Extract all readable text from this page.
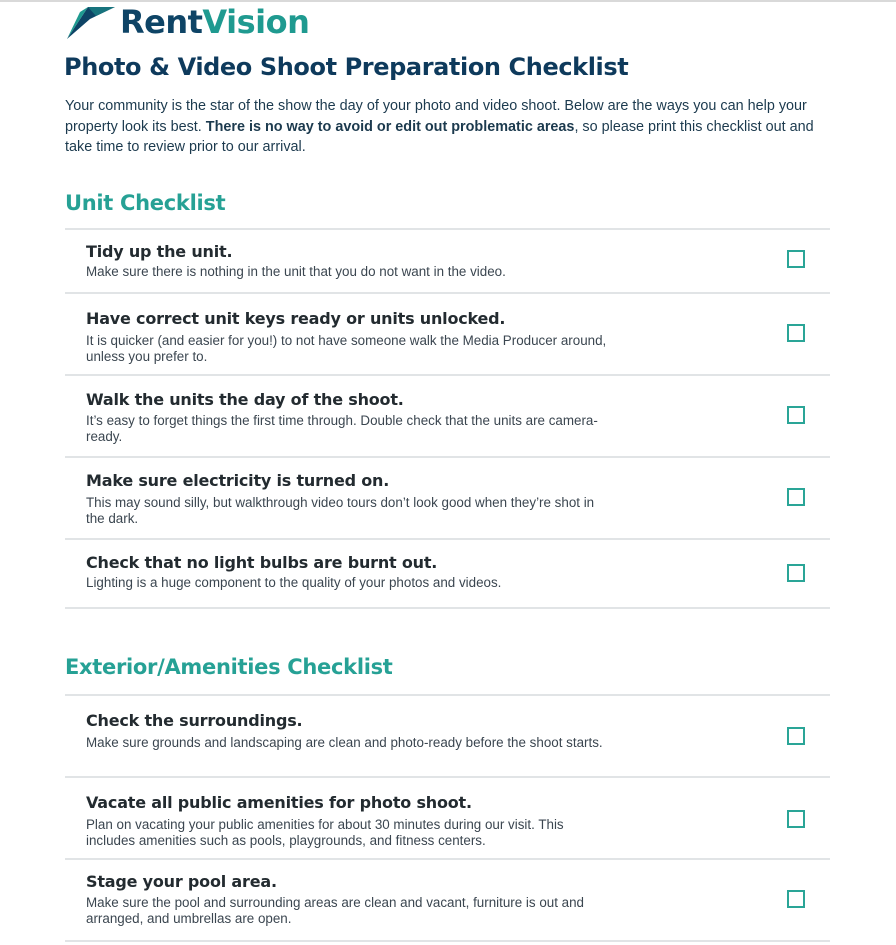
RentVision
Photo & Video Shoot Preparation Checklist

Your community is the star of the show the day of your photo and video shoot. Below are the ways you can help your property look its best. There is no way to avoid or edit out problematic areas, so please print this checklist out and take time to review prior to our arrival.

Unit Checklist
Tidy up the unit.
Make sure there is nothing in the unit that you do not want in the video.
Have correct unit keys ready or units unlocked.
It is quicker (and easier for you!) to not have someone walk the Media Producer around, unless you prefer to.
Walk the units the day of the shoot.
It’s easy to forget things the first time through. Double check that the units are camera-ready.
Make sure electricity is turned on.
This may sound silly, but walkthrough video tours don’t look good when they’re shot in the dark.
Check that no light bulbs are burnt out.
Lighting is a huge component to the quality of your photos and videos.
Exterior/Amenities Checklist
Check the surroundings.
Make sure grounds and landscaping are clean and photo-ready before the shoot starts.
Vacate all public amenities for photo shoot.
Plan on vacating your public amenities for about 30 minutes during our visit. This includes amenities such as pools, playgrounds, and fitness centers.
Stage your pool area.
Make sure the pool and surrounding areas are clean and vacant, furniture is out and arranged, and umbrellas are open.
